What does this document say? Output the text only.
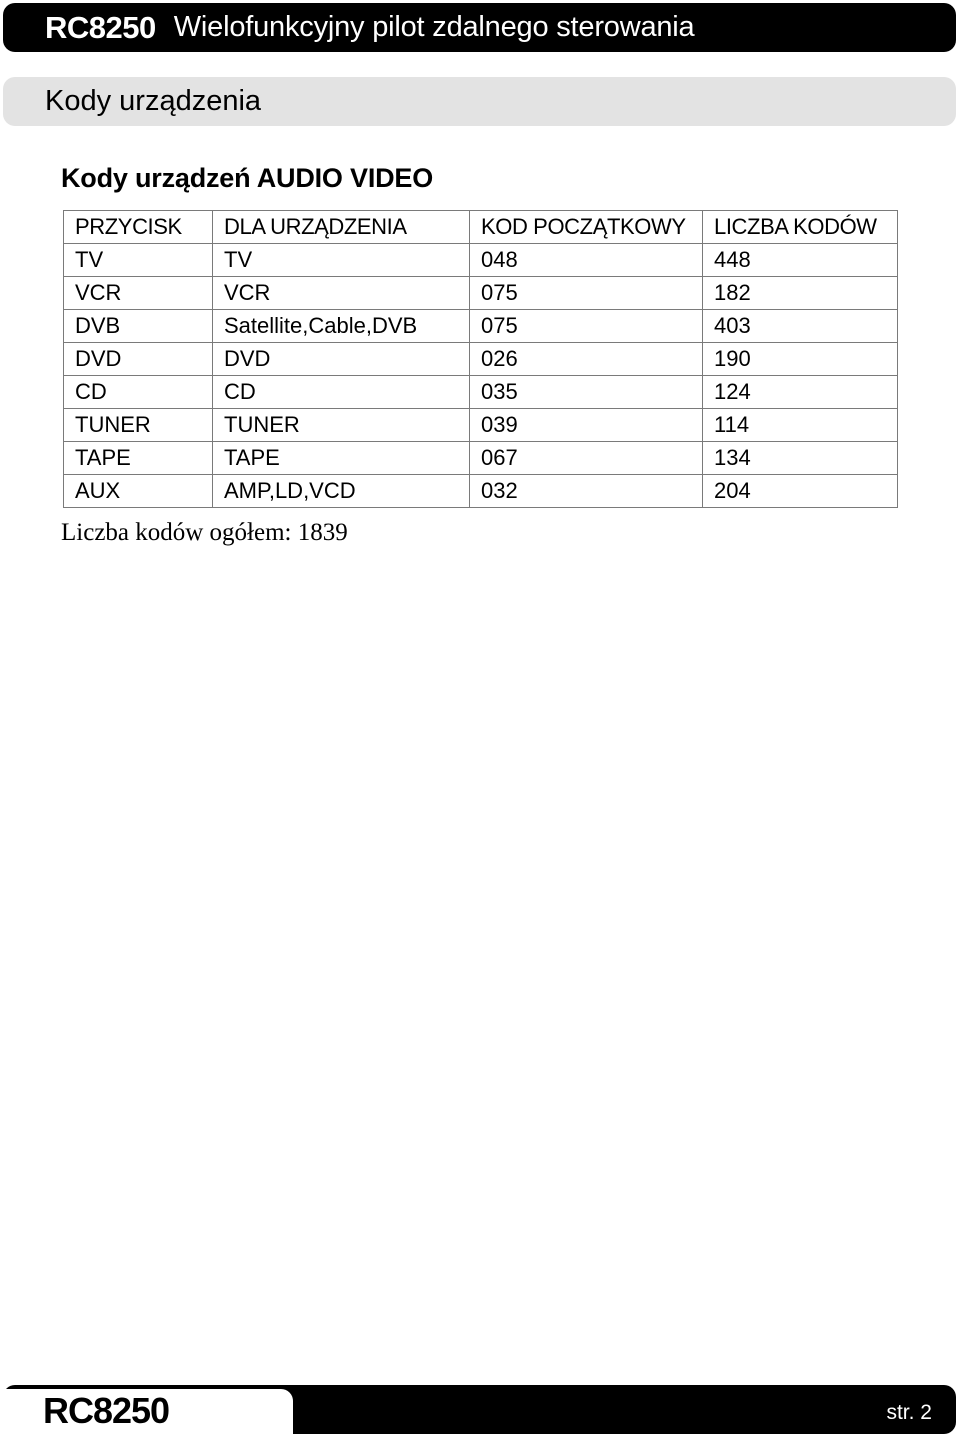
RC8250 Wielofunkcyjny pilot zdalnego sterowania
Kody urządzenia
Kody urządzeń AUDIO VIDEO
PRZYCISK	DLA URZĄDZENIA	KOD POCZĄTKOWY	LICZBA KODÓW
TV	TV	048	448
VCR	VCR	075	182
DVB	Satellite,Cable,DVB	075	403
DVD	DVD	026	190
CD	CD	035	124
TUNER	TUNER	039	114
TAPE	TAPE	067	134
AUX	AMP,LD,VCD	032	204
Liczba kodów ogółem: 1839
RC8250	str. 2
